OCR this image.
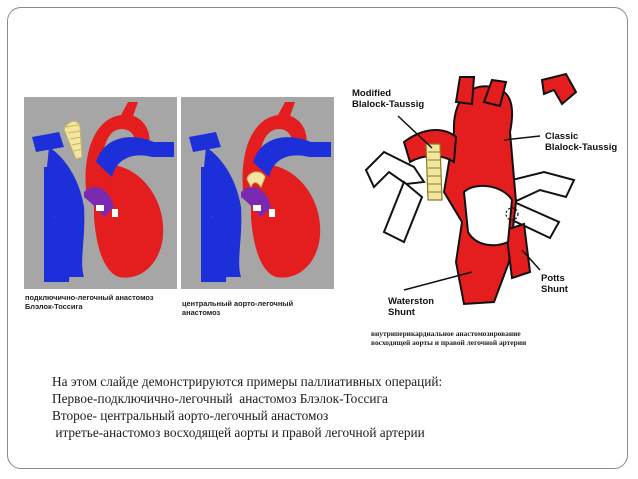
подключично-легочный анастомоз
Блэлок-Тоссига	центральный аорто-легочный
анастомоз
Modified
Blalock-Taussig
Classic
Blalock-Taussig
Waterston
Shunt
Potts
Shunt
внутриперикардиальное анастомозирование
восходящей аорты и правой легочной артерии
На этом слайде демонстрируются примеры паллиативных операций:
Первое-подключично-легочный  анастомоз Блэлок-Тоссига
Второе- центральный аорто-легочный анастомоз
итретье-анастомоз восходящей аорты и правой легочной артерии
